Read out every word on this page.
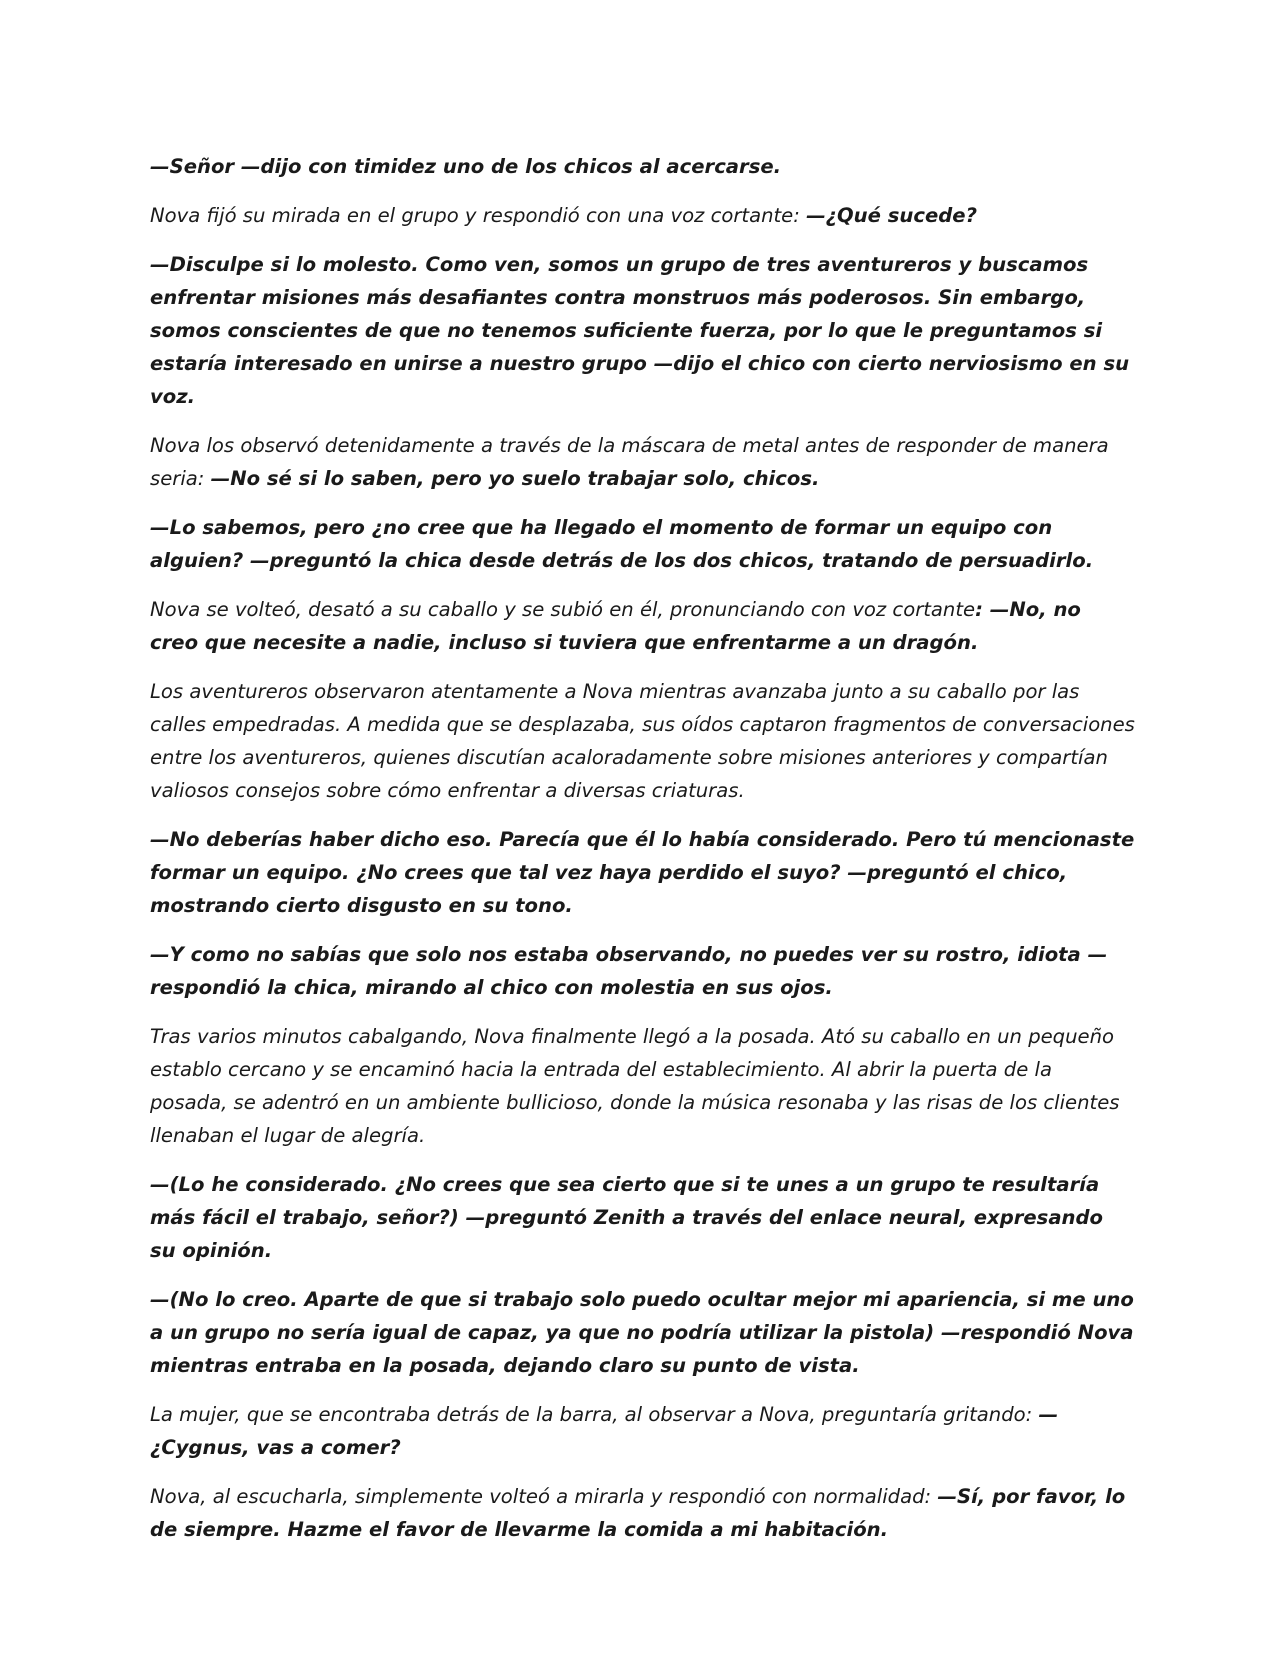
—Señor —dijo con timidez uno de los chicos al acercarse.

Nova fijó su mirada en el grupo y respondió con una voz cortante: —¿Qué sucede?

—Disculpe si lo molesto. Como ven, somos un grupo de tres aventureros y buscamos enfrentar misiones más desafiantes contra monstruos más poderosos. Sin embargo, somos conscientes de que no tenemos suficiente fuerza, por lo que le preguntamos si estaría interesado en unirse a nuestro grupo —dijo el chico con cierto nerviosismo en su voz.

Nova los observó detenidamente a través de la máscara de metal antes de responder de manera seria: —No sé si lo saben, pero yo suelo trabajar solo, chicos.

—Lo sabemos, pero ¿no cree que ha llegado el momento de formar un equipo con alguien? —preguntó la chica desde detrás de los dos chicos, tratando de persuadirlo.

Nova se volteó, desató a su caballo y se subió en él, pronunciando con voz cortante: —No, no creo que necesite a nadie, incluso si tuviera que enfrentarme a un dragón.

Los aventureros observaron atentamente a Nova mientras avanzaba junto a su caballo por las calles empedradas. A medida que se desplazaba, sus oídos captaron fragmentos de conversaciones entre los aventureros, quienes discutían acaloradamente sobre misiones anteriores y compartían valiosos consejos sobre cómo enfrentar a diversas criaturas.

—No deberías haber dicho eso. Parecía que él lo había considerado. Pero tú mencionaste formar un equipo. ¿No crees que tal vez haya perdido el suyo? —preguntó el chico, mostrando cierto disgusto en su tono.

—Y como no sabías que solo nos estaba observando, no puedes ver su rostro, idiota —respondió la chica, mirando al chico con molestia en sus ojos.

Tras varios minutos cabalgando, Nova finalmente llegó a la posada. Ató su caballo en un pequeño establo cercano y se encaminó hacia la entrada del establecimiento. Al abrir la puerta de la posada, se adentró en un ambiente bullicioso, donde la música resonaba y las risas de los clientes llenaban el lugar de alegría.

—(Lo he considerado. ¿No crees que sea cierto que si te unes a un grupo te resultaría más fácil el trabajo, señor?) —preguntó Zenith a través del enlace neural, expresando su opinión.

—(No lo creo. Aparte de que si trabajo solo puedo ocultar mejor mi apariencia, si me uno a un grupo no sería igual de capaz, ya que no podría utilizar la pistola) —respondió Nova mientras entraba en la posada, dejando claro su punto de vista.

La mujer, que se encontraba detrás de la barra, al observar a Nova, preguntaría gritando: —¿Cygnus, vas a comer?

Nova, al escucharla, simplemente volteó a mirarla y respondió con normalidad: —Sí, por favor, lo de siempre. Hazme el favor de llevarme la comida a mi habitación.
